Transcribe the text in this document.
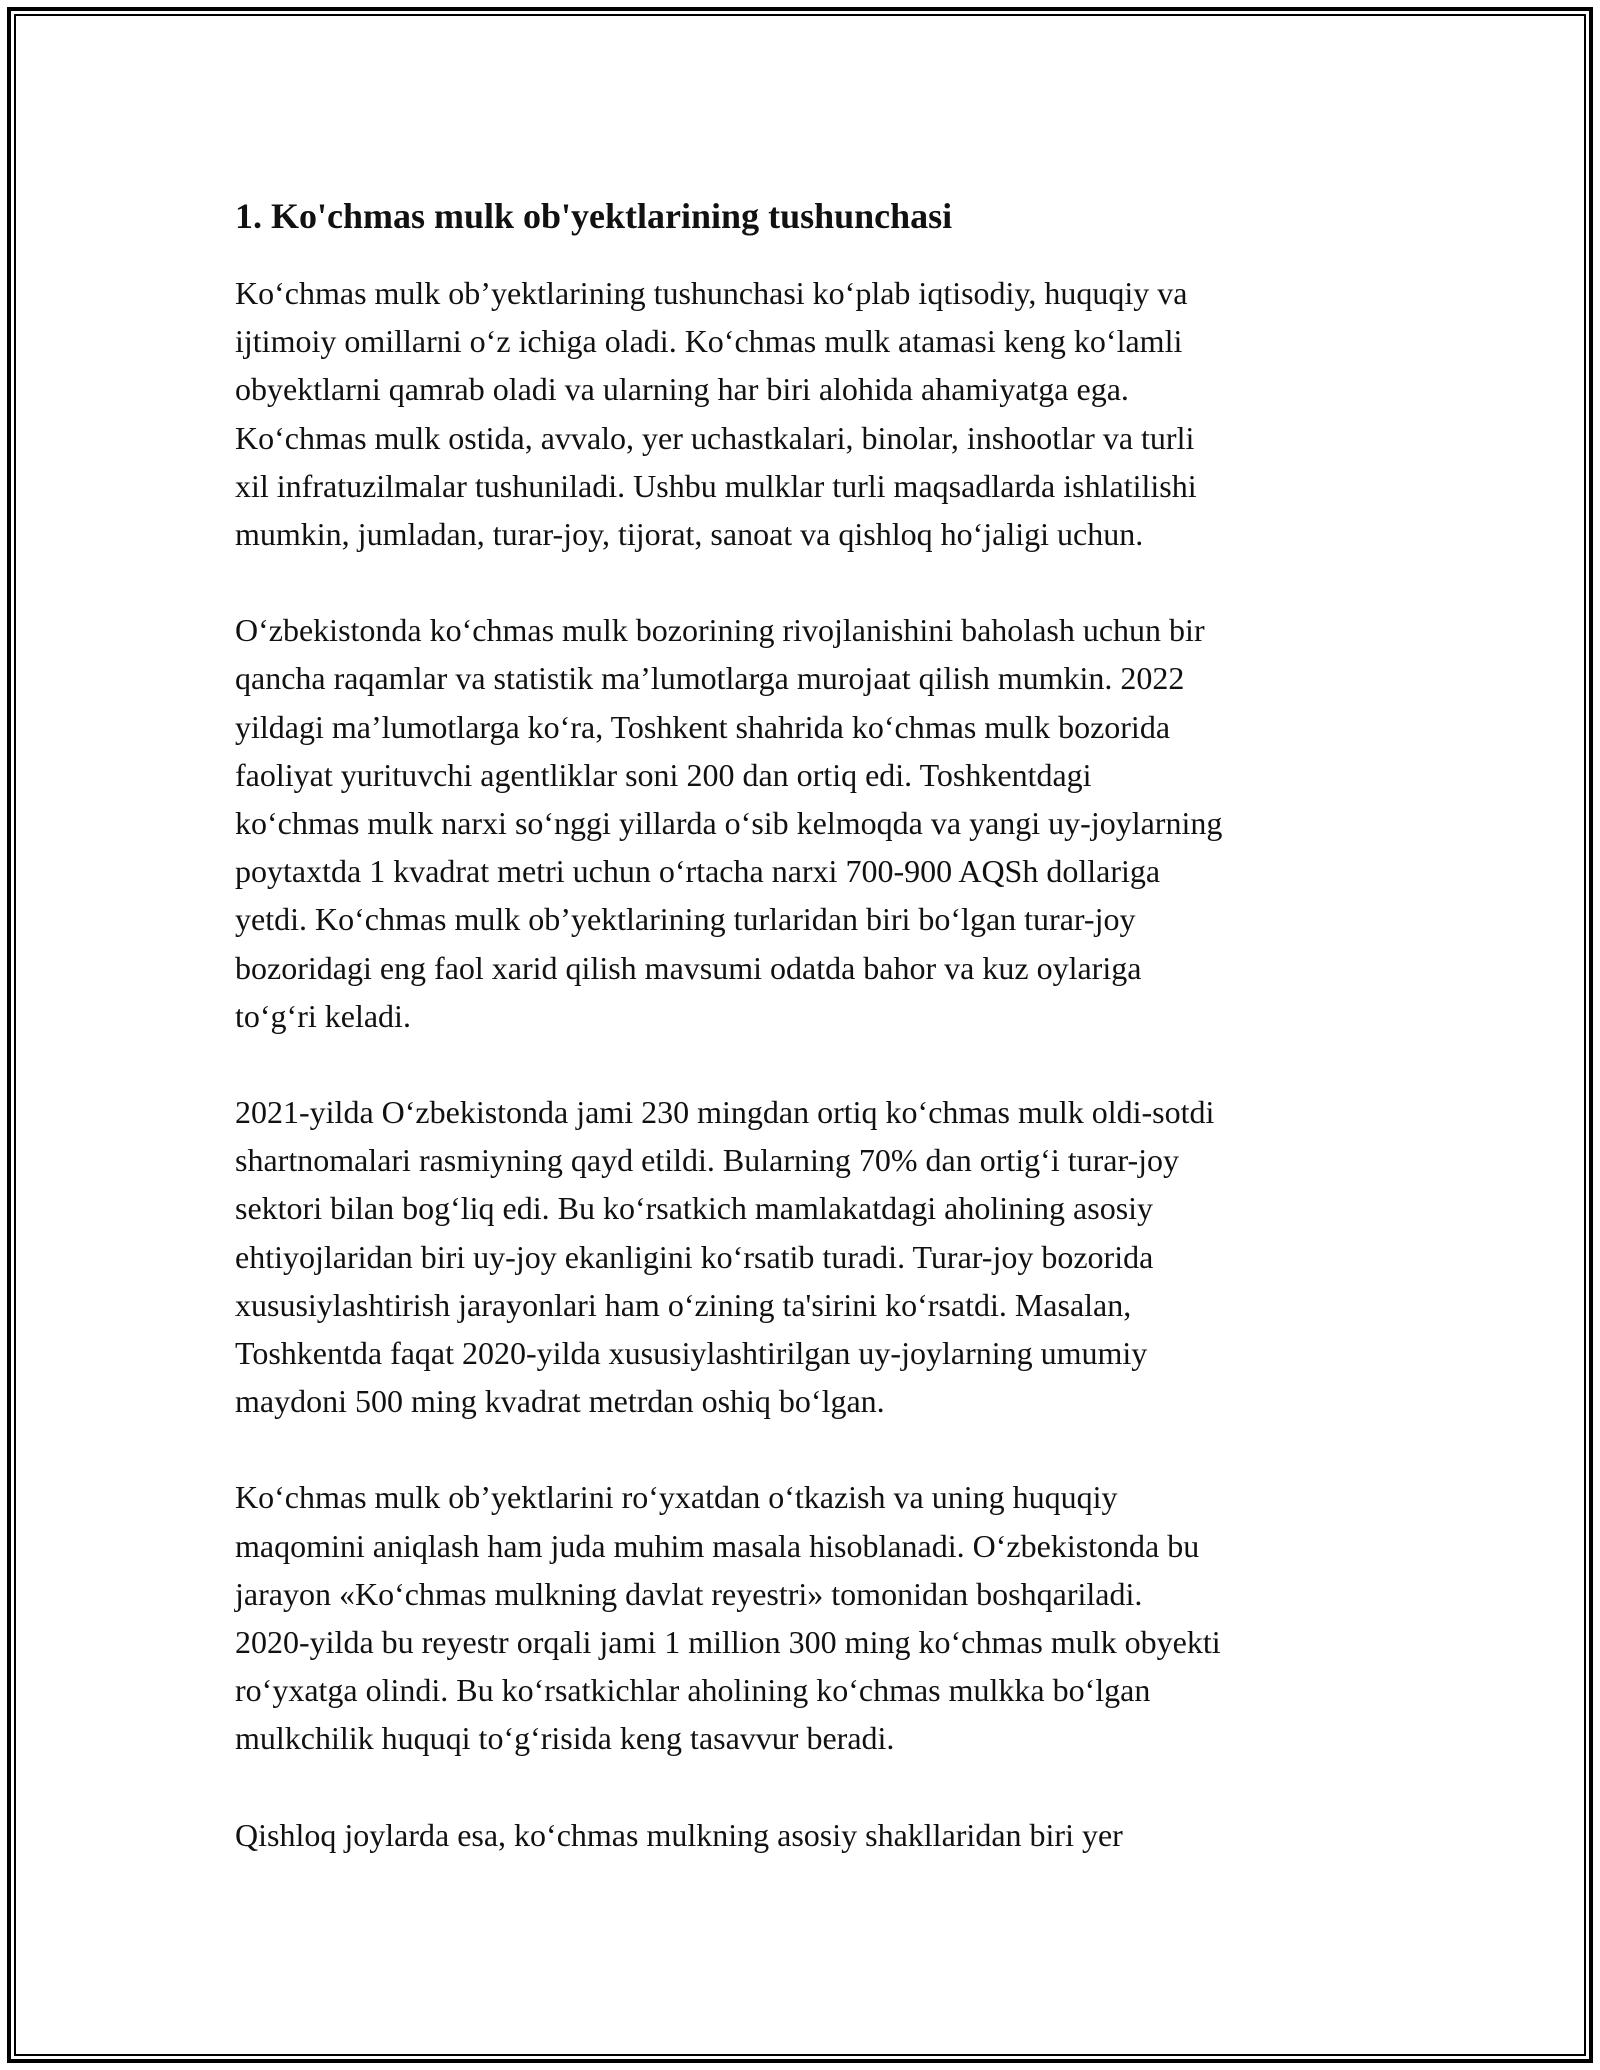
1. Ko'chmas mulk ob'yektlarining tushunchasi

Koʻchmas mulk obʼyektlarining tushunchasi koʻplab iqtisodiy, huquqiy va
ijtimoiy omillarni oʻz ichiga oladi. Koʻchmas mulk atamasi keng koʻlamli
obyektlarni qamrab oladi va ularning har biri alohida ahamiyatga ega.
Koʻchmas mulk ostida, avvalo, yer uchastkalari, binolar, inshootlar va turli
xil infratuzilmalar tushuniladi. Ushbu mulklar turli maqsadlarda ishlatilishi
mumkin, jumladan, turar-joy, tijorat, sanoat va qishloq hoʻjaligi uchun.

Oʻzbekistonda koʻchmas mulk bozorining rivojlanishini baholash uchun bir
qancha raqamlar va statistik maʼlumotlarga murojaat qilish mumkin. 2022
yildagi maʼlumotlarga koʻra, Toshkent shahrida koʻchmas mulk bozorida
faoliyat yurituvchi agentliklar soni 200 dan ortiq edi. Toshkentdagi
koʻchmas mulk narxi soʻnggi yillarda oʻsib kelmoqda va yangi uy-joylarning
poytaxtda 1 kvadrat metri uchun oʻrtacha narxi 700-900 AQSh dollariga
yetdi. Koʻchmas mulk obʼyektlarining turlaridan biri boʻlgan turar-joy
bozoridagi eng faol xarid qilish mavsumi odatda bahor va kuz oylariga
toʻgʻri keladi.

2021-yilda Oʻzbekistonda jami 230 mingdan ortiq koʻchmas mulk oldi-sotdi
shartnomalari rasmiyning qayd etildi. Bularning 70% dan ortigʻi turar-joy
sektori bilan bogʻliq edi. Bu koʻrsatkich mamlakatdagi aholining asosiy
ehtiyojlaridan biri uy-joy ekanligini koʻrsatib turadi. Turar-joy bozorida
xususiylashtirish jarayonlari ham oʻzining ta'sirini koʻrsatdi. Masalan,
Toshkentda faqat 2020-yilda xususiylashtirilgan uy-joylarning umumiy
maydoni 500 ming kvadrat metrdan oshiq boʻlgan.

Koʻchmas mulk obʼyektlarini roʻyxatdan oʻtkazish va uning huquqiy
maqomini aniqlash ham juda muhim masala hisoblanadi. Oʻzbekistonda bu
jarayon «Koʻchmas mulkning davlat reyestri» tomonidan boshqariladi.
2020-yilda bu reyestr orqali jami 1 million 300 ming koʻchmas mulk obyekti
roʻyxatga olindi. Bu koʻrsatkichlar aholining koʻchmas mulkka boʻlgan
mulkchilik huquqi toʻgʻrisida keng tasavvur beradi.

Qishloq joylarda esa, koʻchmas mulkning asosiy shakllaridan biri yer
